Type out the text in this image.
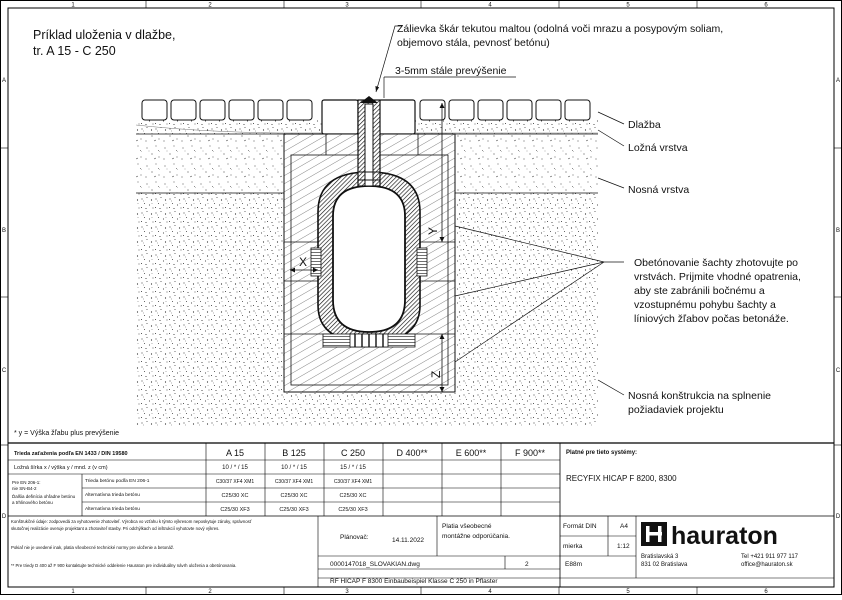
1	2	3	4	5	6
1	2	3	4	5	6
A
B
C
D
A
B
C
D
Príklad uloženia v dlažbe,
tr. A 15 - C 250
X
Y
Z
Zálievka škár tekutou maltou (odolná voči mrazu a posypovým soliam,
objemovo stála, pevnosť betónu)
3-5mm stále prevýšenie
Dlažba
Ložná vrstva
Nosná vrstva
Obetónovanie šachty zhotovujte po
vrstvách. Prijmite vhodné opatrenia,
aby ste zabránili bočnému a
vzostupnému pohybu šachty a
líniových žľabov počas betonáže.
Nosná konštrukcia na splnenie
požiadaviek projektu
* y = Výška žľabu plus prevýšenie
Trieda zaťaženia podľa EN 1433 / DIN 19580	A 15	B 125	C 250	D 400**	E 600**	F 900**
Ložná šírka x / výška y / mnd. z (v cm)	10 / * / 15	10 / * / 15	15 / * / 15
Pre EN 206-1:
nie SN-B4-2
Ďalšia definícia ohľadne betónu
a trhlinového betónu
Trieda betónu podľa EN 206-1	C30/37 XF4 XM1	C30/37 XF4 XM1	C30/37 XF4 XM1
Alternatívna trieda betónu	C25/30 XC	C25/30 XC	C25/30 XC
Alternatívna trieda betónu	C25/30 XF3	C25/30 XF3	C25/30 XF3
Platné pre tieto systémy:
RECYFIX HICAP F 8200, 8300
Konštrukčné údaje: zodpovedá za vyhotovenie zhotoviteľ. Výrobca vo vzťahu k týmto výkresom neposkytuje záruky, správnosť
skutočnej realizácie overuje projektant a zhotoviteľ stavby. Pri odchýlkach od inštrukcií vyhotovte nový výkres.
Pokiaľ nie je uvedené inak, platia všeobecné technické normy pre uloženie a betonáž.
** Pre triedy D 400 až F 900 kontaktujte technické oddelenie Hauraton pre individuálny návrh uloženia a obetónovania.
Plánovač:	14.11.2022
Platia všeobecné
montážne odporúčania.
0000147018_SLOVAKIAN.dwg	2	E88m
RF HICAP F 8300 Einbaubeispiel Klasse C 250 in Pflaster
Formát DIN	A4
mierka	1:12 hauraton
Bratislavská 3
831 02 Bratislava
Tel +421 911 977 117
office@hauraton.sk
